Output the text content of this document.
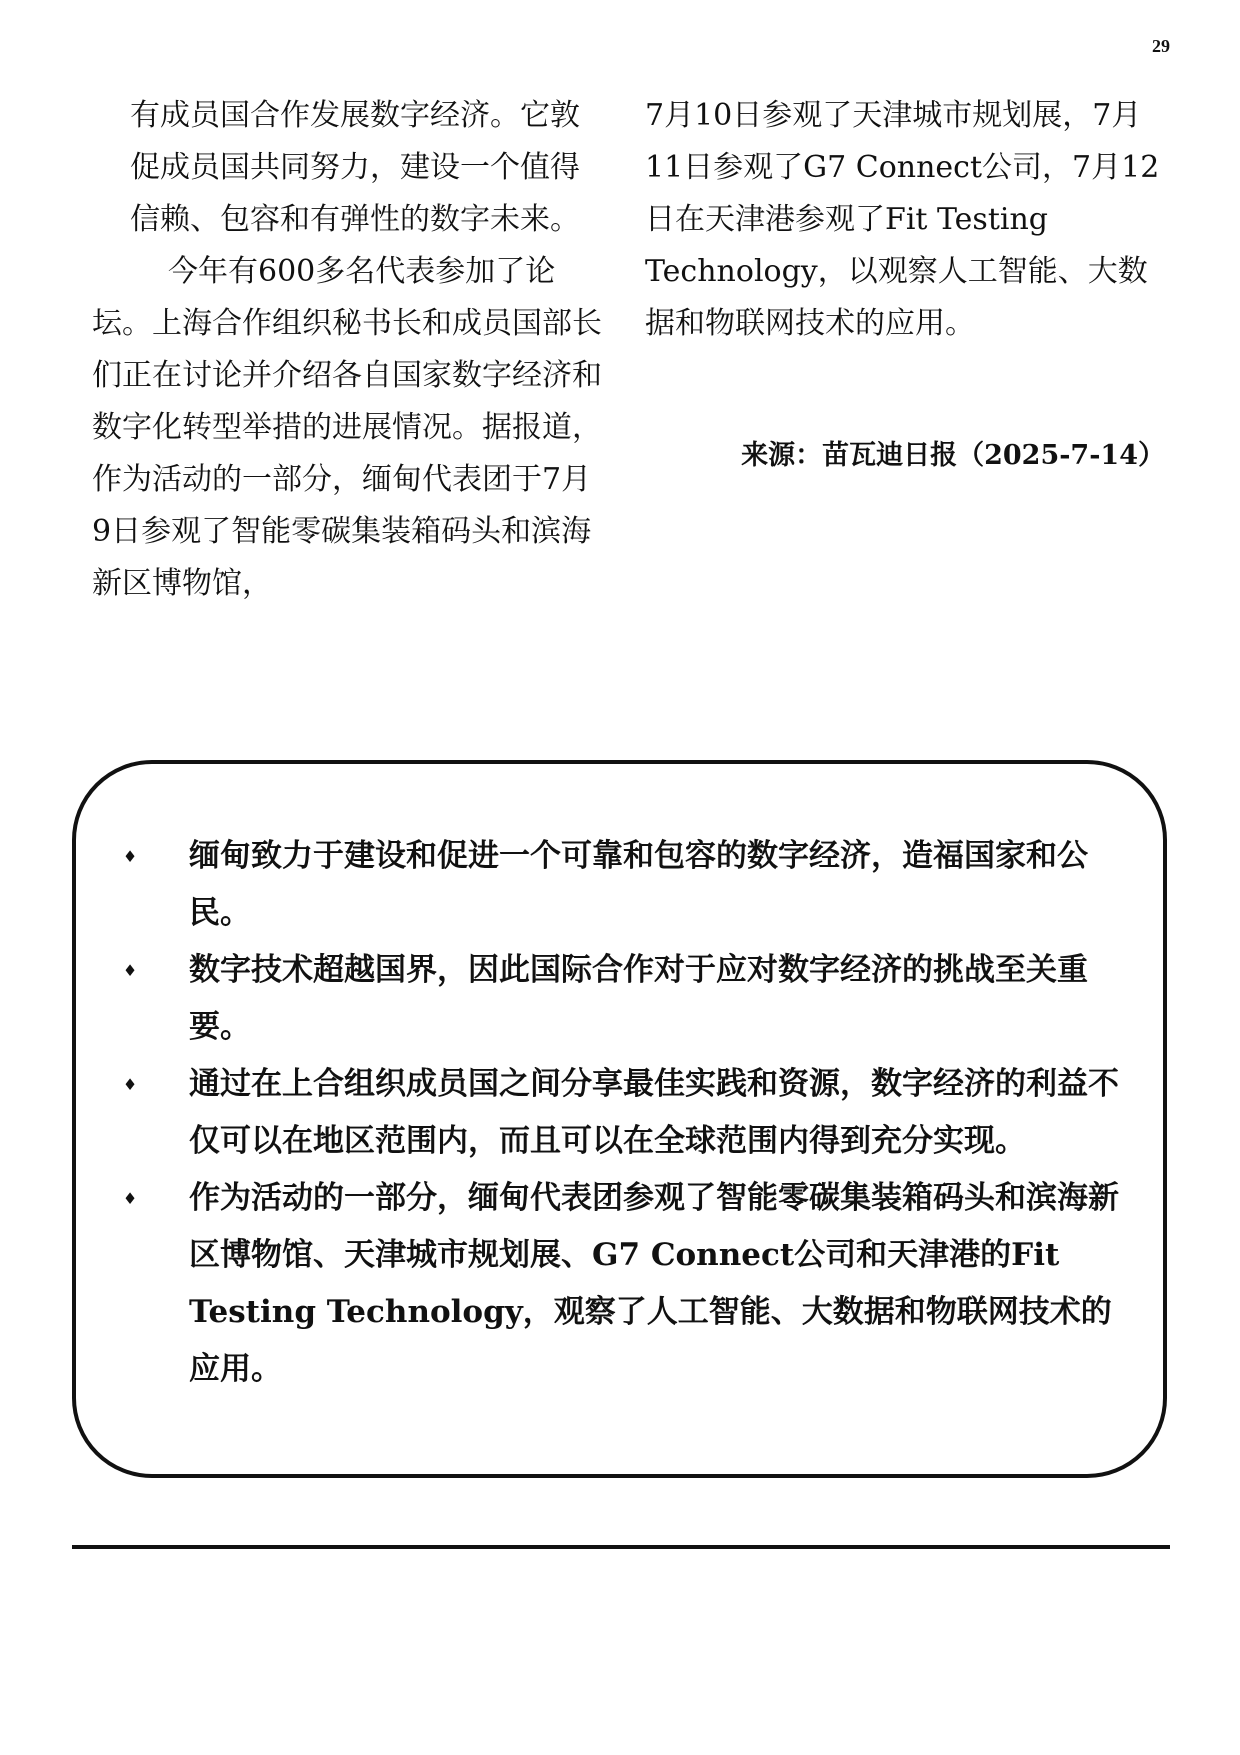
29

有成员国合作发展数字经济。它敦促成员国共同努力，建设一个值得信赖、包容和有弹性的数字未来。

今年有600多名代表参加了论坛。上海合作组织秘书长和成员国部长们正在讨论并介绍各自国家数字经济和数字化转型举措的进展情况。据报道，作为活动的一部分，缅甸代表团于7月9日参观了智能零碳集装箱码头和滨海新区博物馆，

7月10日参观了天津城市规划展，7月11日参观了G7 Connect公司，7月12日在天津港参观了Fit Testing Technology，以观察人工智能、大数据和物联网技术的应用。

来源：苗瓦迪日报（2025-7-14）

♦	缅甸致力于建设和促进一个可靠和包容的数字经济，造福国家和公民。
♦	数字技术超越国界，因此国际合作对于应对数字经济的挑战至关重要。
♦	通过在上合组织成员国之间分享最佳实践和资源，数字经济的利益不仅可以在地区范围内，而且可以在全球范围内得到充分实现。
♦	作为活动的一部分，缅甸代表团参观了智能零碳集装箱码头和滨海新区博物馆、天津城市规划展、G7 Connect公司和天津港的Fit Testing Technology，观察了人工智能、大数据和物联网技术的应用。
